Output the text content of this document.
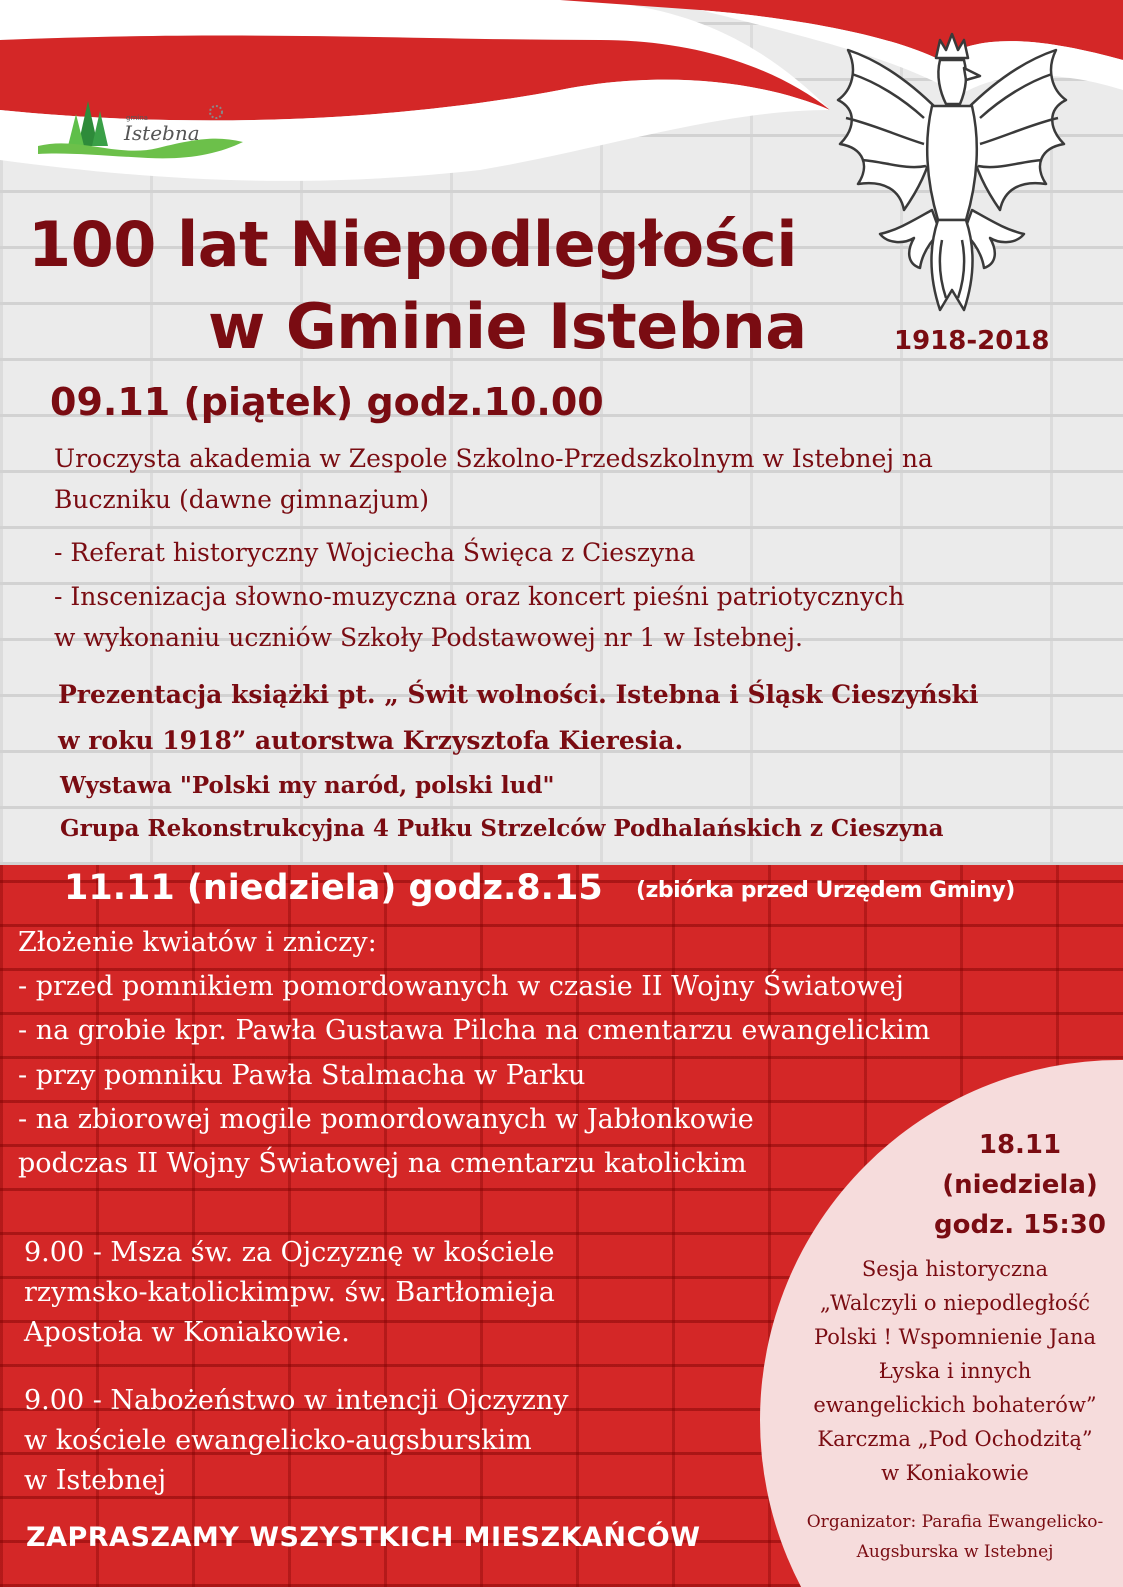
gmina
Istebna
100 lat Niepodległości
w Gminie Istebna	1918-2018
09.11 (piątek) godz.10.00

Uroczysta akademia w Zespole Szkolno-Przedszkolnym w Istebnej na

Buczniku (dawne gimnazjum)

- Referat historyczny Wojciecha Święca z Cieszyna

- Inscenizacja słowno-muzyczna oraz koncert pieśni patriotycznych

w wykonaniu uczniów Szkoły Podstawowej nr 1 w Istebnej.

Prezentacja książki pt. „ Świt wolności. Istebna i Śląsk Cieszyński

w roku 1918” autorstwa Krzysztofa Kieresia.

Wystawa "Polski my naród, polski lud"

Grupa Rekonstrukcyjna 4 Pułku Strzelców Podhalańskich z Cieszyna

11.11 (niedziela) godz.8.15 (zbiórka przed Urzędem Gminy)

Złożenie kwiatów i zniczy:

- przed pomnikiem pomordowanych w czasie II Wojny Światowej

- na grobie kpr. Pawła Gustawa Pilcha na cmentarzu ewangelickim

- przy pomniku Pawła Stalmacha w Parku

- na zbiorowej mogile pomordowanych w Jabłonkowie

podczas II Wojny Światowej na cmentarzu katolickim

9.00 - Msza św. za Ojczyznę w kościele

rzymsko-katolickimpw. św. Bartłomieja

Apostoła w Koniakowie.

9.00 - Nabożeństwo w intencji Ojczyzny

w kościele ewangelicko-augsburskim

w Istebnej

18.11
(niedziela)
godz. 15:30

Sesja historyczna

„Walczyli o niepodległość

Polski ! Wspomnienie Jana

Łyska i innych

ewangelickich bohaterów”

Karczma „Pod Ochodzitą”

w Koniakowie

Organizator: Parafia Ewangelicko-

Augsburska w Istebnej

ZAPRASZAMY WSZYSTKICH MIESZKAŃCÓW
